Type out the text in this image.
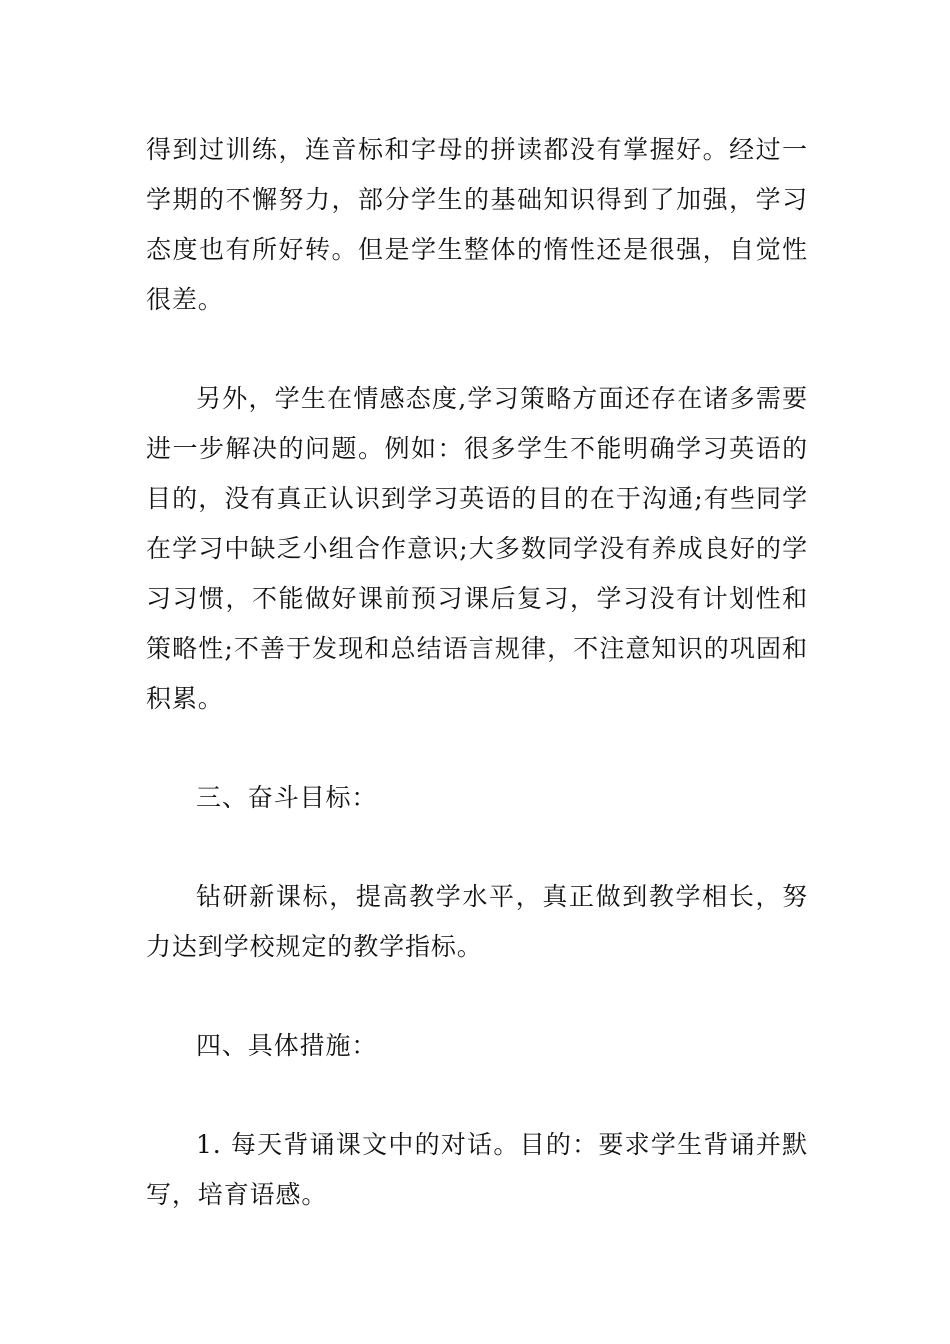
得到过训练，连音标和字母的拼读都没有掌握好。经过一
学期的不懈努力，部分学生的基础知识得到了加强，学习
态度也有所好转。但是学生整体的惰性还是很强，自觉性
很差。
另外，学生在情感态度,学习策略方面还存在诸多需要
进一步解决的问题。例如：很多学生不能明确学习英语的
目的，没有真正认识到学习英语的目的在于沟通;有些同学
在学习中缺乏小组合作意识;大多数同学没有养成良好的学
习习惯，不能做好课前预习课后复习，学习没有计划性和
策略性;不善于发现和总结语言规律，不注意知识的巩固和
积累。
三、奋斗目标：
钻研新课标，提高教学水平，真正做到教学相长，努
力达到学校规定的教学指标。
四、具体措施：
1. 每天背诵课文中的对话。目的：要求学生背诵并默
写，培育语感。
